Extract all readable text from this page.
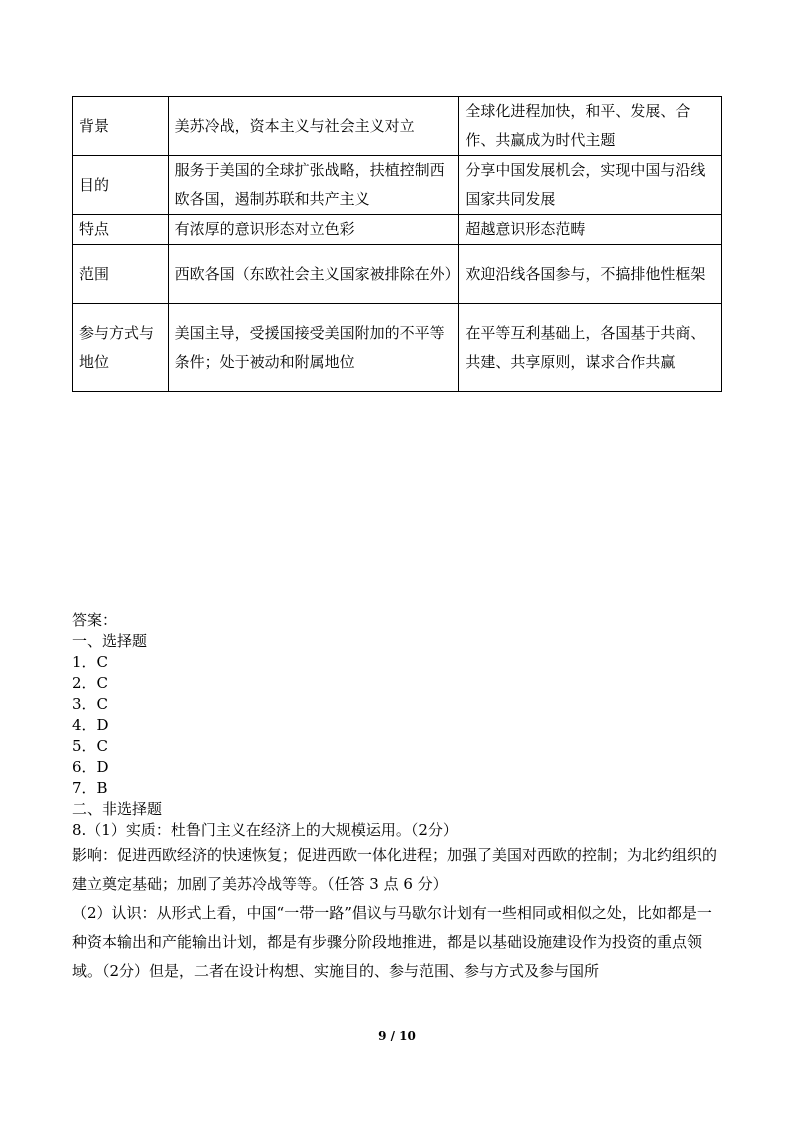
背景	美苏冷战，资本主义与社会主义对立	全球化进程加快，和平、发展、合作、共赢成为时代主题
目的	服务于美国的全球扩张战略，扶植控制西欧各国，遏制苏联和共产主义	分享中国发展机会，实现中国与沿线国家共同发展
特点	有浓厚的意识形态对立色彩	超越意识形态范畴
范围	西欧各国（东欧社会主义国家被排除在外）	欢迎沿线各国参与，不搞排他性框架
参与方式与地位	美国主导，受援国接受美国附加的不平等条件；处于被动和附属地位	在平等互利基础上，各国基于共商、共建、共享原则，谋求合作共赢
答案：
一、选择题
1．C
2．C
3．C
4．D
5．C
6．D
7．B
二、非选择题
8.（1）实质：杜鲁门主义在经济上的大规模运用。（2分）
影响：促进西欧经济的快速恢复；促进西欧一体化进程；加强了美国对西欧的控制；为北约组织的建立奠定基础；加剧了美苏冷战等等。（任答 3 点 6 分）
（2）认识：从形式上看，中国“一带一路”倡议与马歇尔计划有一些相同或相似之处，比如都是一种资本输出和产能输出计划，都是有步骤分阶段地推进，都是以基础设施建设作为投资的重点领域。（2分）但是，二者在设计构想、实施目的、参与范围、参与方式及参与国所
9 / 10
